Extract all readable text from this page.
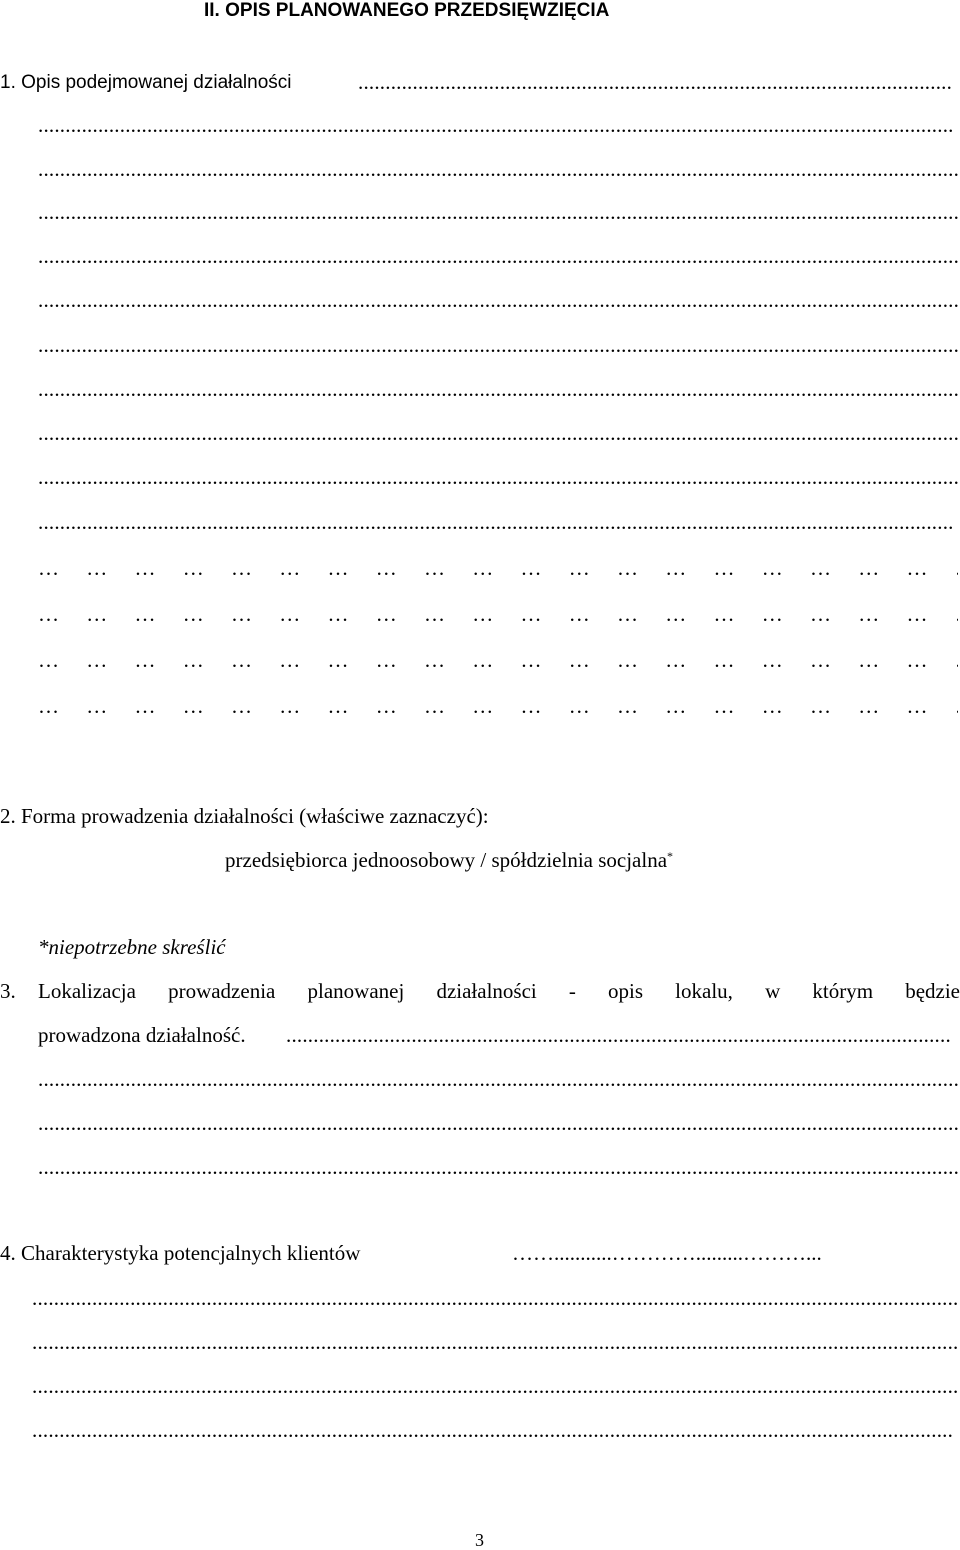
II. OPIS PLANOWANEGO PRZEDSIĘWZIĘCIA
1. Opis podejmowanej działalności
.....
.....
.....
.....
.....
.....
.....
.....
.....
.....
.....
… … … … … … … … … … … … … … … … … … … … … … … … … … … … … … … … … … … … … … … … … … … … … … … … … … … … … … …
… … … … … … … … … … … … … … … … … … … … … … … … … … … … … … … … … … … … … … … … … … … … … … … … … … … … … … …
… … … … … … … … … … … … … … … … … … … … … … … … … … … … … … … … … … … … … … … … … … … … … … … … … … … … … … …
… … … … … … … … … … … … … … … … … … … … … … … … … … … … … … … … … … … … … … … … … … … … … … … … … … … … … … …
2. Forma prowadzenia działalności (właściwe zaznaczyć):
przedsiębiorca jednoosobowy / spółdzielnia socjalna*
*niepotrzebne skreślić
3. Lokalizacja prowadzenia planowanej działalności - opis lokalu, w którym będzie
prowadzona działalność.
.....
.....
.....
.....
4. Charakterystyka potencjalnych klientów	……...........………….........………...
.....
.....
.....
.....
3
